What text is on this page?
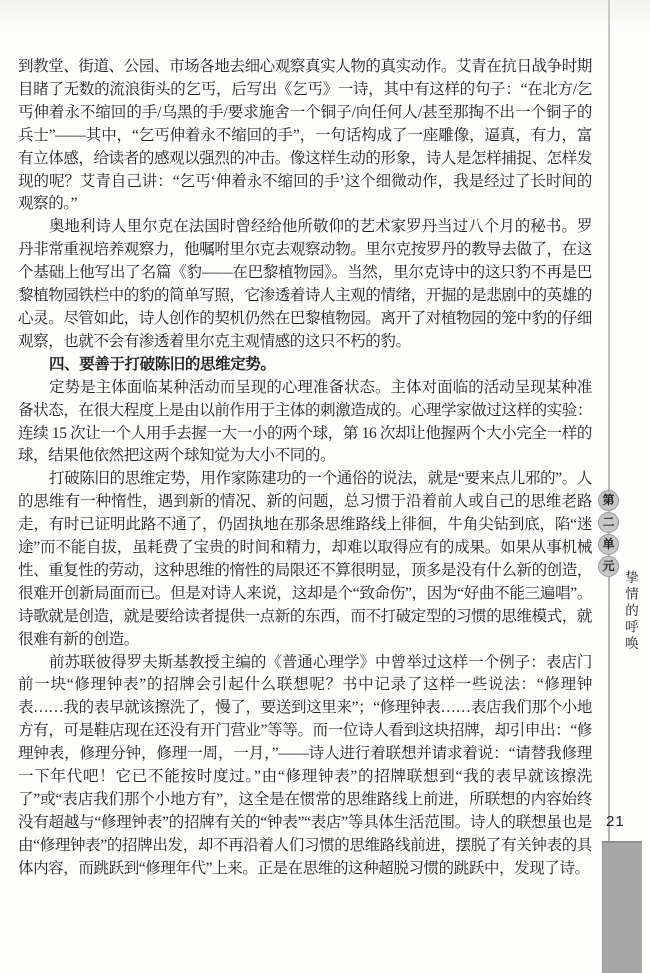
到教堂、街道、公园、市场各地去细心观察真实人物的真实动作。艾青在抗日战争时期目睹了无数的流浪街头的乞丐，后写出《乞丐》一诗，其中有这样的句子：“在北方/乞丐伸着永不缩回的手/乌黑的手/要求施舍一个铜子/向任何人/甚至那掏不出一个铜子的兵士”——其中，“乞丐伸着永不缩回的手”，一句话构成了一座雕像，逼真，有力，富有立体感，给读者的感观以强烈的冲击。像这样生动的形象，诗人是怎样捕捉、怎样发现的呢？艾青自己讲：“乞丐‘伸着永不缩回的手’这个细微动作，我是经过了长时间的观察的。”

奥地利诗人里尔克在法国时曾经给他所敬仰的艺术家罗丹当过八个月的秘书。罗丹非常重视培养观察力，他嘱咐里尔克去观察动物。里尔克按罗丹的教导去做了，在这个基础上他写出了名篇《豹——在巴黎植物园》。当然，里尔克诗中的这只豹不再是巴黎植物园铁栏中的豹的简单写照，它渗透着诗人主观的情绪，开掘的是悲剧中的英雄的心灵。尽管如此，诗人创作的契机仍然在巴黎植物园。离开了对植物园的笼中豹的仔细观察，也就不会有渗透着里尔克主观情感的这只不朽的豹。

四、要善于打破陈旧的思维定势。

定势是主体面临某种活动而呈现的心理准备状态。主体对面临的活动呈现某种准备状态，在很大程度上是由以前作用于主体的刺激造成的。心理学家做过这样的实验：连续 15 次让一个人用手去握一大一小的两个球，第 16 次却让他握两个大小完全一样的球，结果他依然把这两个球知觉为大小不同的。

打破陈旧的思维定势，用作家陈建功的一个通俗的说法，就是“要来点儿邪的”。人的思维有一种惰性，遇到新的情况、新的问题，总习惯于沿着前人或自己的思维老路走，有时已证明此路不通了，仍固执地在那条思维路线上徘徊，牛角尖钻到底，陷“迷途”而不能自拔，虽耗费了宝贵的时间和精力，却难以取得应有的成果。如果从事机械性、重复性的劳动，这种思维的惰性的局限还不算很明显，顶多是没有什么新的创造，很难开创新局面而已。但是对诗人来说，这却是个“致命伤”，因为“好曲不能三遍唱”。诗歌就是创造，就是要给读者提供一点新的东西，而不打破定型的习惯的思维模式，就很难有新的创造。

前苏联彼得罗夫斯基教授主编的《普通心理学》中曾举过这样一个例子：表店门前一块“修理钟表”的招牌会引起什么联想呢？书中记录了这样一些说法：“修理钟表……我的表早就该擦洗了，慢了，要送到这里来”；“修理钟表……表店我们那个小地方有，可是鞋店现在还没有开门营业”等等。而一位诗人看到这块招牌，却引申出：“修理钟表，修理分钟，修理一周，一月，”——诗人进行着联想并请求着说：“请替我修理一下年代吧！它已不能按时度过。”由“修理钟表”的招牌联想到“我的表早就该擦洗了”或“表店我们那个小地方有”，这全是在惯常的思维路线上前进，所联想的内容始终没有超越与“修理钟表”的招牌有关的“钟表”“表店”等具体生活范围。诗人的联想虽也是由“修理钟表”的招牌出发，却不再沿着人们习惯的思维路线前进，摆脱了有关钟表的具体内容，而跳跃到“修理年代”上来。正是在思维的这种超脱习惯的跳跃中，发现了诗。

第
二
单
元
挚情的呼唤
21
